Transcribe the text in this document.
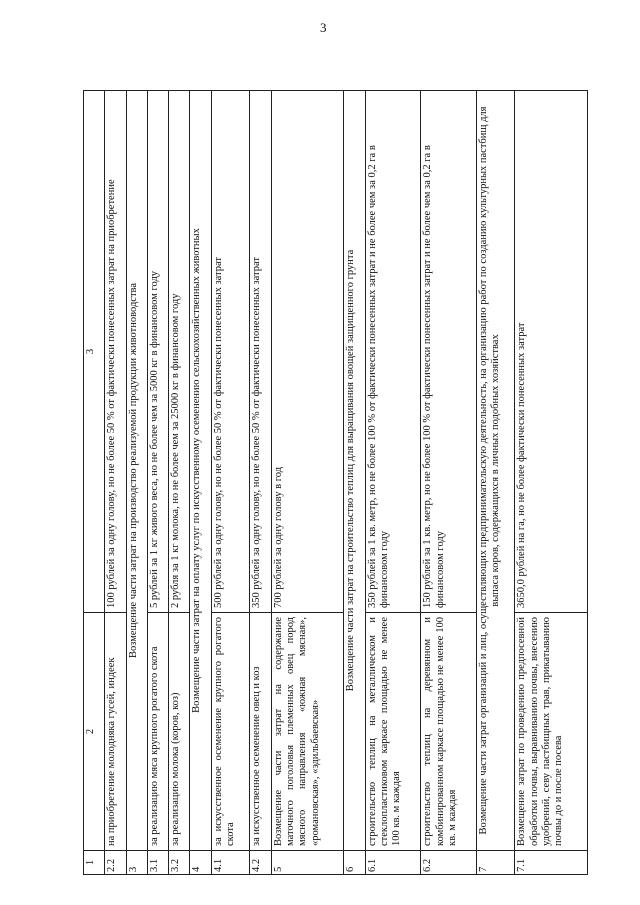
3
1	2	3
2.2	на приобретение молодняка гусей, индеек	100 рублей за одну голову, но не более 50 % от фактически понесенных затрат на приобретение
3	Возмещение части затрат на производство реализуемой продукции животноводства	
3.1	за реализацию мяса крупного рогатого скота	5 рублей за 1 кг живого веса, но не более чем за 5000 кг в финансовом году
3.2	за реализацию молока (коров, коз)	2 рубля за 1 кг молока, но не более чем за 25000 кг в финансовом году
4	Возмещение части затрат на оплату услуг по искусственному осеменению сельскохозяйственных животных	
4.1	за искусственное осеменение крупного рогатого скота	500 рублей за одну голову, но не более 50 % от фактически понесенных затрат
4.2	за искусственное осеменение овец и коз	350 рублей за одну голову, но не более 50 % от фактически понесенных затрат
5	Возмещение части затрат на содержание маточного поголовья племенных овец пород мясного направления «южная мясная», «романовская», «эдильбаевская»	700 рублей за одну голову в год
6	Возмещение части затрат на строительство теплиц для выращивания овощей защищенного грунта	
6.1	строительство теплиц на металлическом и стеклопластиковом каркасе площадью не менее 100 кв. м каждая	350 рублей за 1 кв. метр, но не более 100 % от фактически понесенных затрат и не более чем за 0,2 га в финансовом году
6.2	строительство теплиц на деревянном и комбинированном каркасе площадью не менее 100 кв. м каждая	150 рублей за 1 кв. метр, но не более 100 % от фактически понесенных затрат и не более чем за 0,2 га в финансовом году
7	Возмещение части затрат организаций и лиц, осуществляющих предпринимательскую деятельность, на организацию работ по созданию культурных пастбищ для выпаса коров, содержащихся в личных подобных хозяйствах	
7.1	Возмещение затрат по проведению предпосевной обработки почвы, выравниванию почвы, внесению удобрений, севу пастбищных трав, прикатыванию почвы до и после посева	3650,0 рублей на га, но не более фактически понесенных затрат
